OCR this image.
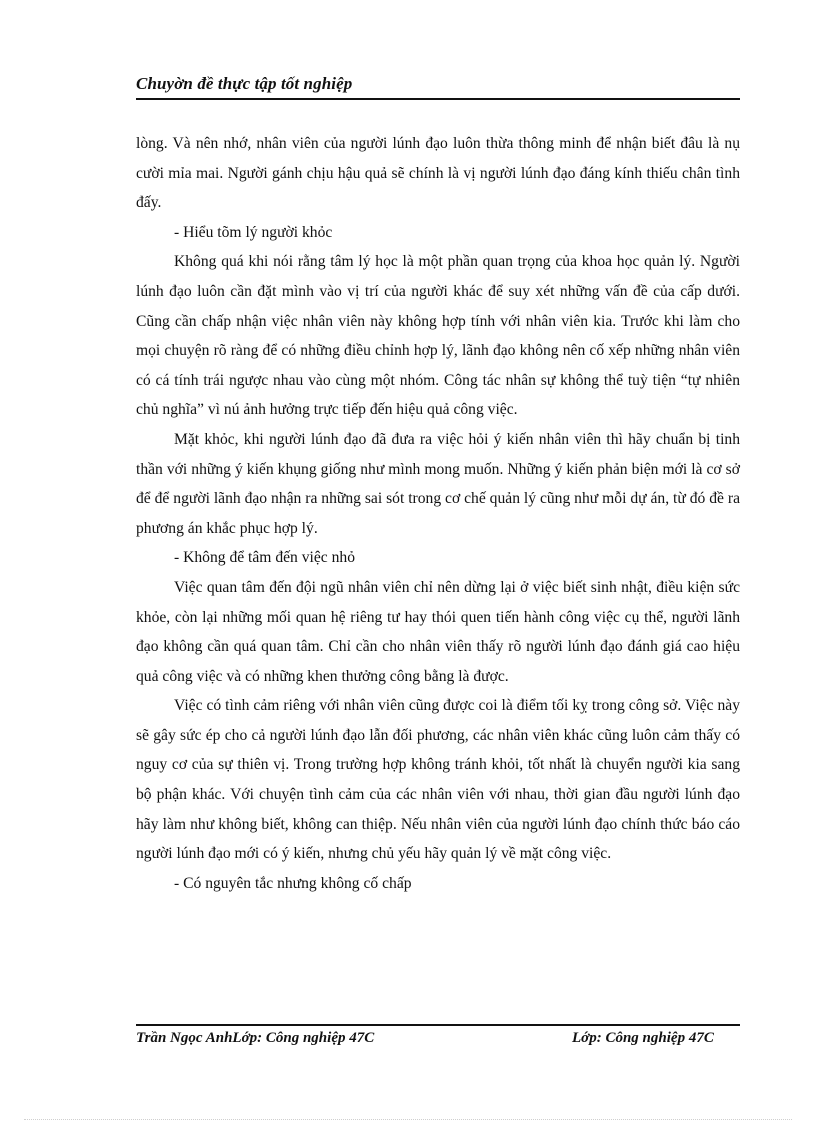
Chuyờn đề thực tập tốt nghiệp

lòng. Và nên nhớ, nhân viên của người lúnh đạo luôn thừa thông minh để nhận biết đâu là nụ cười mỉa mai. Người gánh chịu hậu quả sẽ chính là vị người lúnh đạo đáng kính thiếu chân tình đấy.

- Hiểu tõm lý người khỏc

Không quá khi nói rằng tâm lý học là một phần quan trọng của khoa học quản lý. Người lúnh đạo luôn cần đặt mình vào vị trí của người khác để suy xét những vấn đề của cấp dưới. Cũng cần chấp nhận việc nhân viên này không hợp tính với nhân viên kia. Trước khi làm cho mọi chuyện rõ ràng để có những điều chỉnh hợp lý, lãnh đạo không nên cố xếp những nhân viên có cá tính trái ngược nhau vào cùng một nhóm. Công tác nhân sự không thể tuỳ tiện “tự nhiên chủ nghĩa” vì nú ảnh hưởng trực tiếp đến hiệu quả công việc.

Mặt khỏc, khi người lúnh đạo đã đưa ra việc hỏi ý kiến nhân viên thì hãy chuẩn bị tinh thần với những ý kiến khụng giống như mình mong muốn. Những ý kiến phản biện mới là cơ sở để để người lãnh đạo nhận ra những sai sót trong cơ chế quản lý cũng như mỗi dự án, từ đó đề ra phương án khắc phục hợp lý.

- Không để tâm đến việc nhỏ

Việc quan tâm đến đội ngũ nhân viên chỉ nên dừng lại ở việc biết sinh nhật, điều kiện sức khỏe, còn lại những mối quan hệ riêng tư hay thói quen tiến hành công việc cụ thể, người lãnh đạo không cần quá quan tâm. Chỉ cần cho nhân viên thấy rõ người lúnh đạo đánh giá cao hiệu quả công việc và có những khen thưởng công bằng là được.

Việc có tình cảm riêng với nhân viên cũng được coi là điểm tối kỵ trong công sở. Việc này sẽ gây sức ép cho cả người lúnh đạo lẫn đối phương, các nhân viên khác cũng luôn cảm thấy có nguy cơ của sự thiên vị. Trong trường hợp không tránh khỏi, tốt nhất là chuyển người kia sang bộ phận khác. Với chuyện tình cảm của các nhân viên với nhau, thời gian đầu người lúnh đạo hãy làm như không biết, không can thiệp. Nếu nhân viên của người lúnh đạo chính thức báo cáo người lúnh đạo mới có ý kiến, nhưng chủ yếu hãy quản lý về mặt công việc.

- Có nguyên tắc nhưng không cố chấp

Trần Ngọc AnhLớp: Công nghiệp 47C	Lớp: Công nghiệp 47C
